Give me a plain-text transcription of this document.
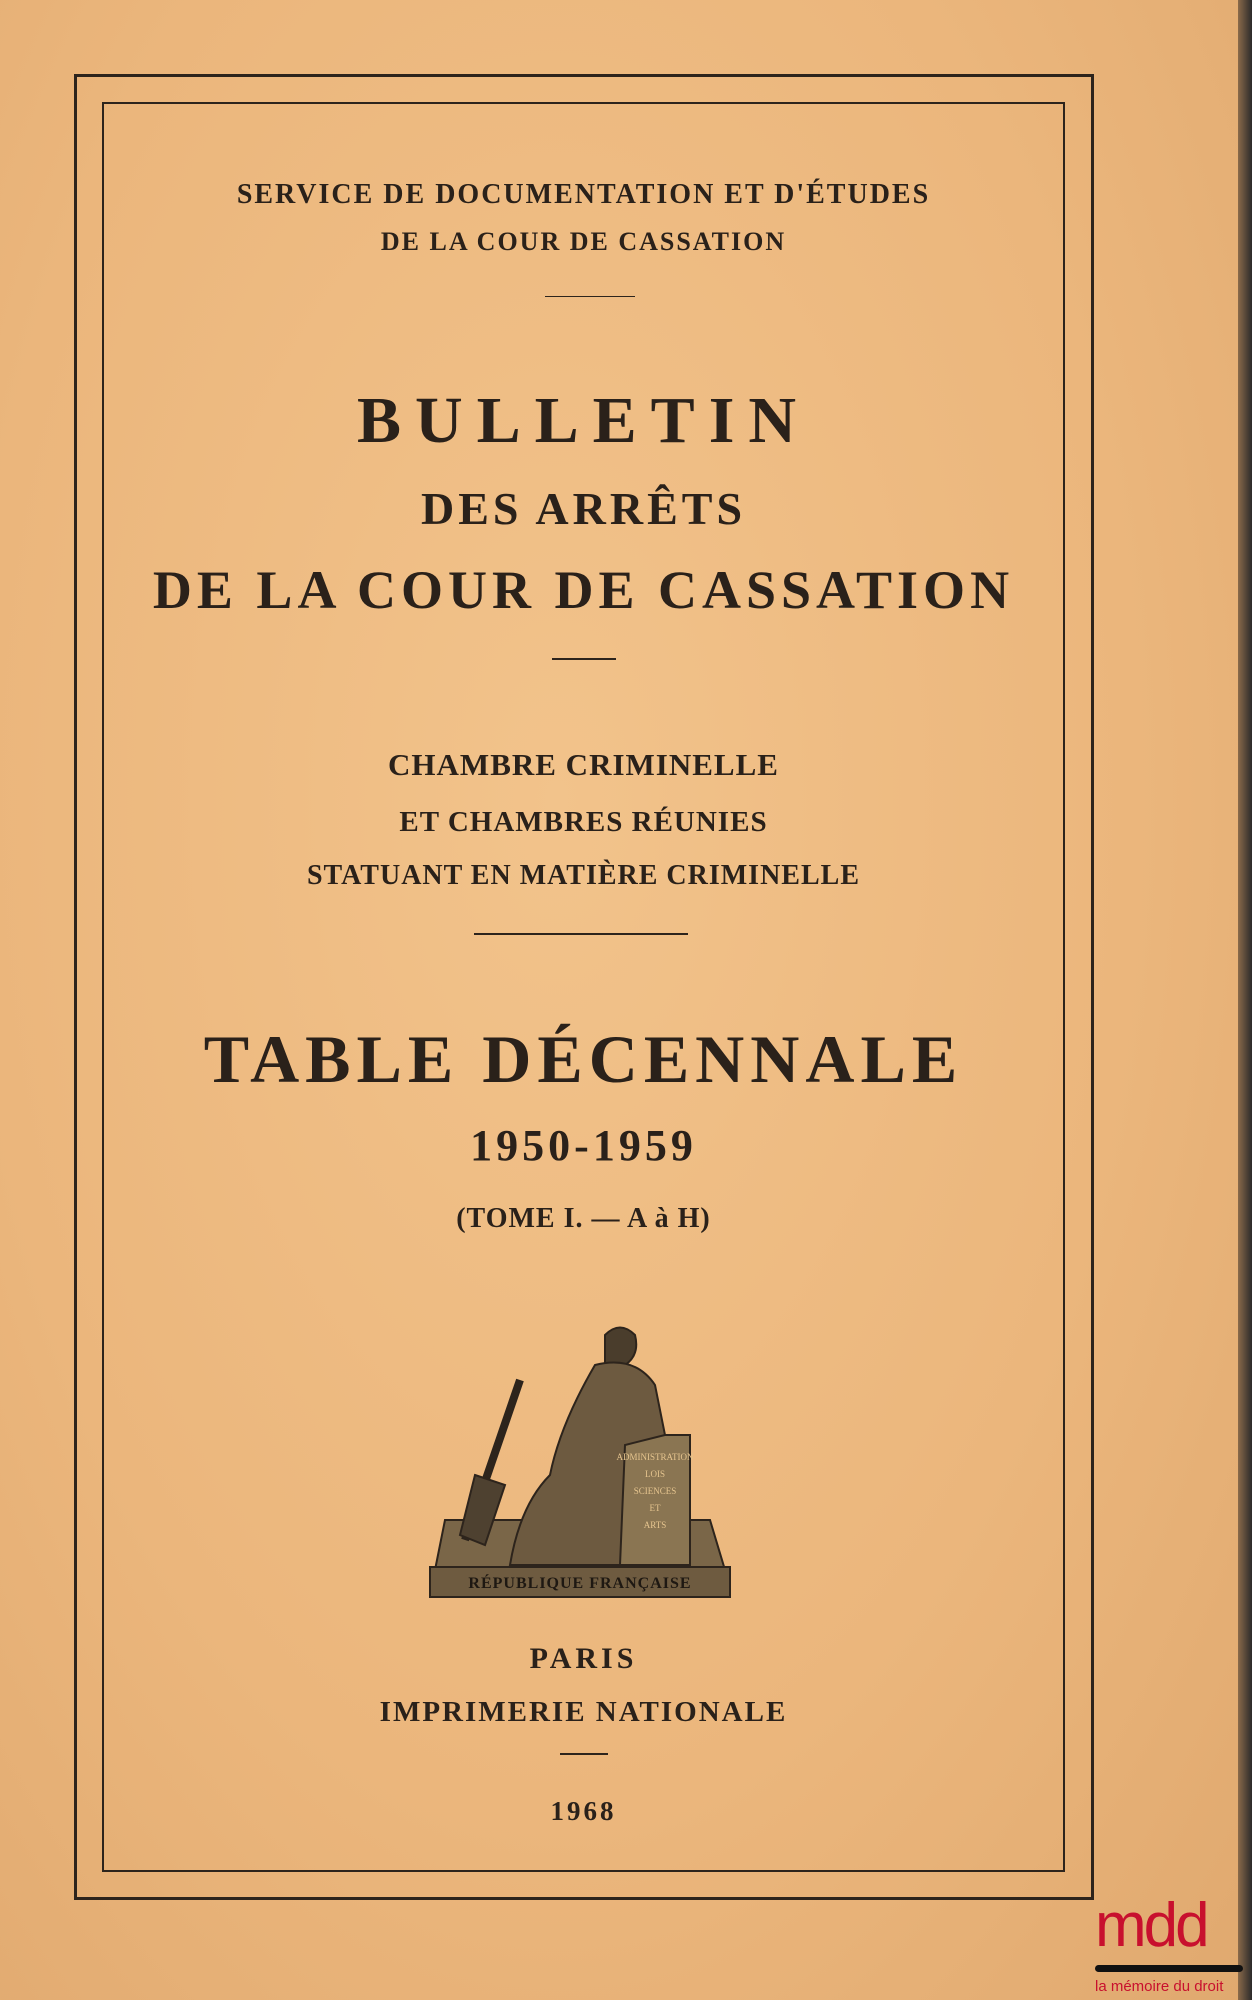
SERVICE DE DOCUMENTATION ET D'ÉTUDES
DE LA COUR DE CASSATION
BULLETIN
DES ARRÊTS
DE LA COUR DE CASSATION
CHAMBRE CRIMINELLE
ET CHAMBRES RÉUNIES
STATUANT EN MATIÈRE CRIMINELLE
TABLE DÉCENNALE
1950-1959
(TOME I. — A à H)
ADMINISTRATION
LOIS
SCIENCES
ET
ARTS
RÉPUBLIQUE FRANÇAISE
PARIS
IMPRIMERIE NATIONALE
1968
mdd
la mémoire du droit
